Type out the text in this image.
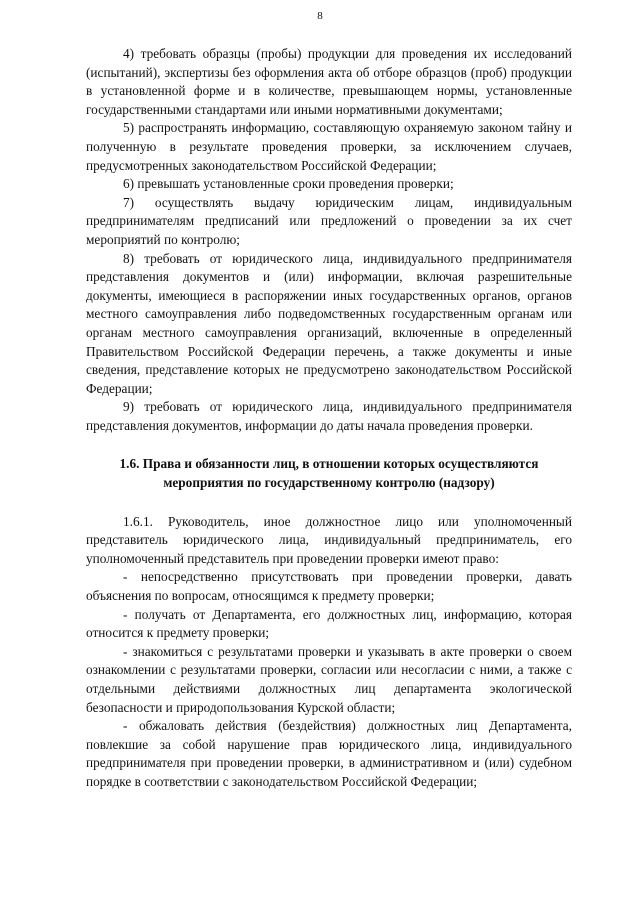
8

4) требовать образцы (пробы) продукции для проведения их исследований (испытаний), экспертизы без оформления акта об отборе образцов (проб) продукции в установленной форме и в количестве, превышающем нормы, установленные государственными стандартами или иными нормативными документами;

5) распространять информацию, составляющую охраняемую законом тайну и полученную в результате проведения проверки, за исключением случаев, предусмотренных законодательством Российской Федерации;

6) превышать установленные сроки проведения проверки;

7) осуществлять выдачу юридическим лицам, индивидуальным предпринимателям предписаний или предложений о проведении за их счет мероприятий по контролю;

8) требовать от юридического лица, индивидуального предпринимателя представления документов и (или) информации, включая разрешительные документы, имеющиеся в распоряжении иных государственных органов, органов местного самоуправления либо подведомственных государственным органам или органам местного самоуправления организаций, включенные в определенный Правительством Российской Федерации перечень, а также документы и иные сведения, представление которых не предусмотрено законодательством Российской Федерации;

9) требовать от юридического лица, индивидуального предпринимателя представления документов, информации до даты начала проведения проверки.

1.6. Права и обязанности лиц, в отношении которых осуществляются
мероприятия по государственному контролю (надзору)

1.6.1. Руководитель, иное должностное лицо или уполномоченный представитель юридического лица, индивидуальный предприниматель, его уполномоченный представитель при проведении проверки имеют право:

- непосредственно присутствовать при проведении проверки, давать объяснения по вопросам, относящимся к предмету проверки;

- получать от Департамента, его должностных лиц, информацию, которая относится к предмету проверки;

- знакомиться с результатами проверки и указывать в акте проверки о своем ознакомлении с результатами проверки, согласии или несогласии с ними, а также с отдельными действиями должностных лиц департамента экологической безопасности и природопользования Курской области;

- обжаловать действия (бездействия) должностных лиц Департамента, повлекшие за собой нарушение прав юридического лица, индивидуального предпринимателя при проведении проверки, в административном и (или) судебном порядке в соответствии с законодательством Российской Федерации;
